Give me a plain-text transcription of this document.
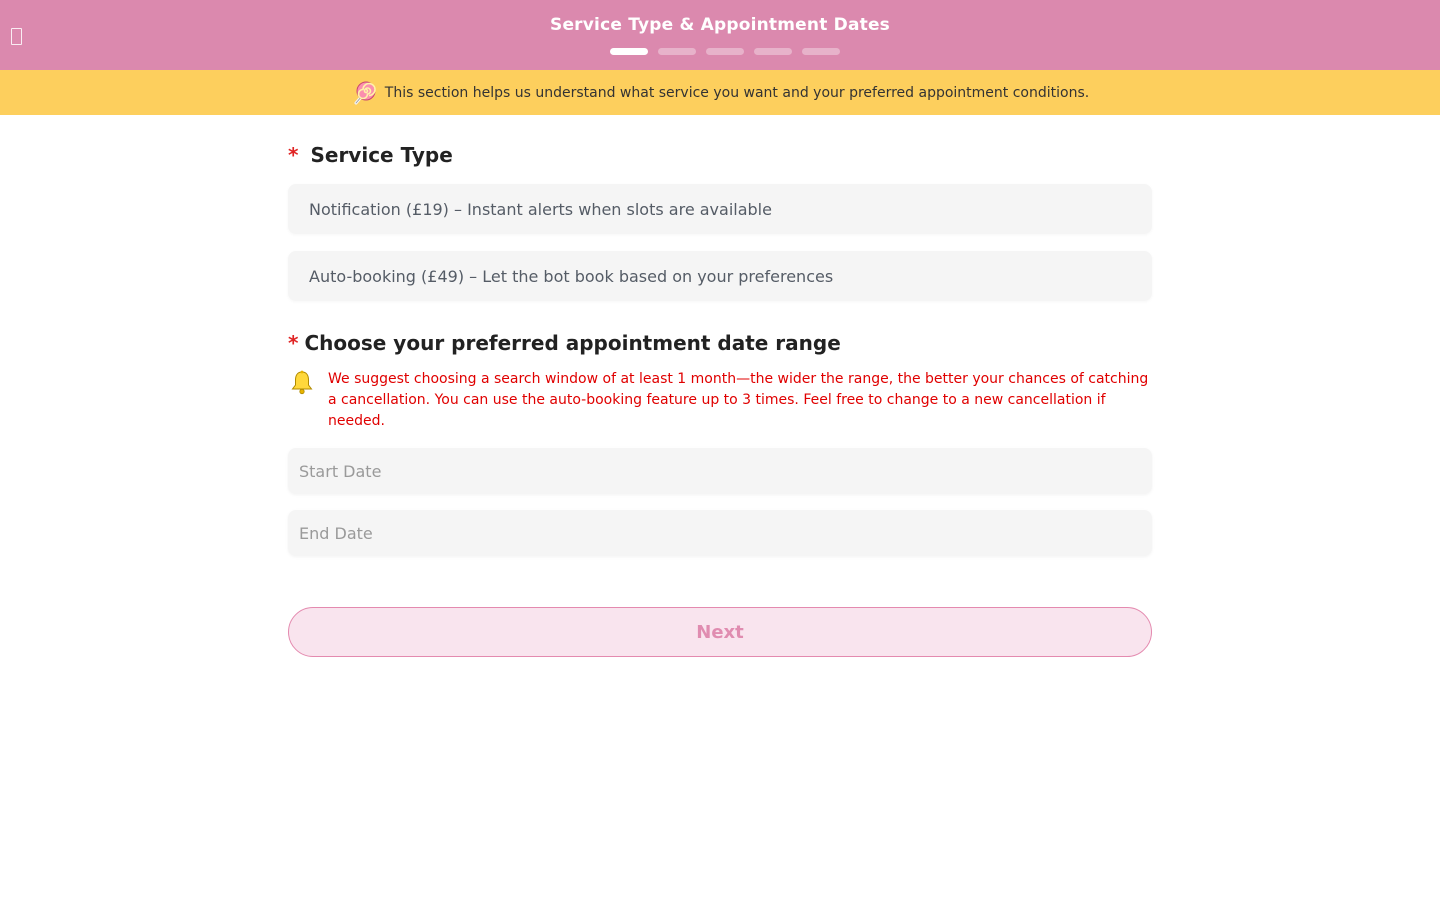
Service Type & Appointment Dates
This section helps us understand what service you want and your preferred appointment conditions.
* Service Type
Notification (£19) – Instant alerts when slots are available
Auto-booking (£49) – Let the bot book based on your preferences
* Choose your preferred appointment date range
We suggest choosing a search window of at least 1 month—the wider the range, the better your chances of catching a cancellation. You can use the auto-booking feature up to 3 times. Feel free to change to a new cancellation if needed.
Start Date
End Date
Next
